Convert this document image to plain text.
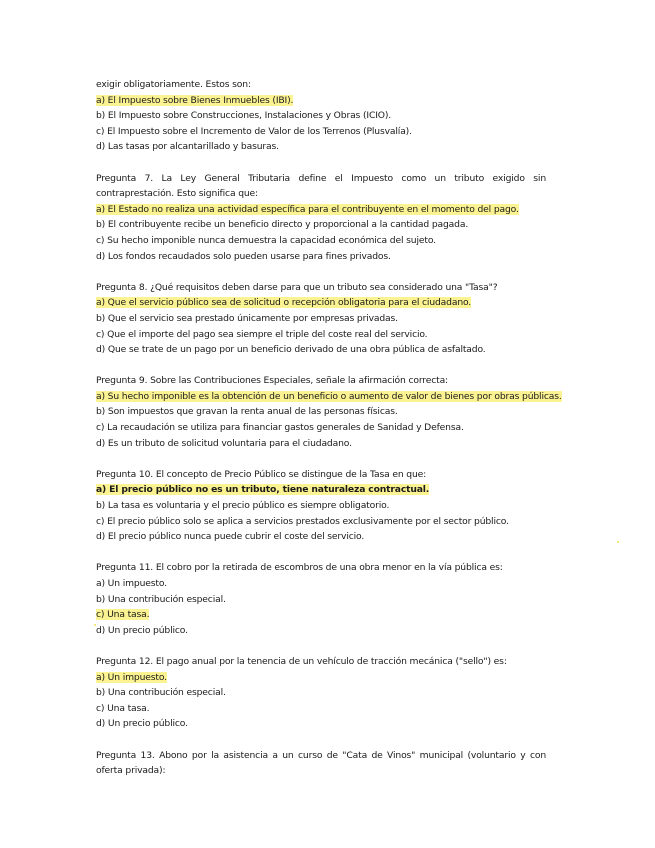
exigir obligatoriamente. Estos son:
a) El Impuesto sobre Bienes Inmuebles (IBI).
b) El Impuesto sobre Construcciones, Instalaciones y Obras (ICIO).
c) El Impuesto sobre el Incremento de Valor de los Terrenos (Plusvalía).
d) Las tasas por alcantarillado y basuras.
Pregunta 7. La Ley General Tributaria define el Impuesto como un tributo exigido sin contraprestación. Esto significa que:
a) El Estado no realiza una actividad específica para el contribuyente en el momento del pago.
b) El contribuyente recibe un beneficio directo y proporcional a la cantidad pagada.
c) Su hecho imponible nunca demuestra la capacidad económica del sujeto.
d) Los fondos recaudados solo pueden usarse para fines privados.
Pregunta 8. ¿Qué requisitos deben darse para que un tributo sea considerado una "Tasa"?
a) Que el servicio público sea de solicitud o recepción obligatoria para el ciudadano.
b) Que el servicio sea prestado únicamente por empresas privadas.
c) Que el importe del pago sea siempre el triple del coste real del servicio.
d) Que se trate de un pago por un beneficio derivado de una obra pública de asfaltado.
Pregunta 9. Sobre las Contribuciones Especiales, señale la afirmación correcta:
a) Su hecho imponible es la obtención de un beneficio o aumento de valor de bienes por obras públicas.
b) Son impuestos que gravan la renta anual de las personas físicas.
c) La recaudación se utiliza para financiar gastos generales de Sanidad y Defensa.
d) Es un tributo de solicitud voluntaria para el ciudadano.
Pregunta 10. El concepto de Precio Público se distingue de la Tasa en que:
a) El precio público no es un tributo, tiene naturaleza contractual.
b) La tasa es voluntaria y el precio público es siempre obligatorio.
c) El precio público solo se aplica a servicios prestados exclusivamente por el sector público.
d) El precio público nunca puede cubrir el coste del servicio.
Pregunta 11. El cobro por la retirada de escombros de una obra menor en la vía pública es:
a) Un impuesto.
b) Una contribución especial.
c) Una tasa.
d) Un precio público.
Pregunta 12. El pago anual por la tenencia de un vehículo de tracción mecánica ("sello") es:
a) Un impuesto.
b) Una contribución especial.
c) Una tasa.
d) Un precio público.
Pregunta 13. Abono por la asistencia a un curso de "Cata de Vinos" municipal (voluntario y con oferta privada):
